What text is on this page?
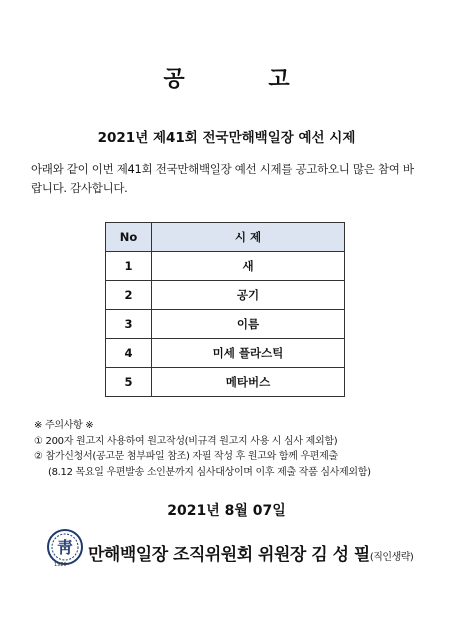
공 고
2021년 제41회 전국만해백일장 예선 시제
아래와 같이 이번 제41회 전국만해백일장 예선 시제를 공고하오니 많은 참여 바랍니다. 감사합니다.
No	시 제
1	새
2	공기
3	이름
4	미세 플라스틱
5	메타버스
※ 주의사항 ※
① 200자 원고지 사용하여 원고작성(비규격 원고지 사용 시 심사 제외함)
② 참가신청서(공고문 첨부파일 참조) 자필 작성 후 원고와 함께 우편제출
(8.12 목요일 우편발송 소인분까지 심사대상이며 이후 제출 작품 심사제외함)
2021년 8월 07일
靑
1920 만해백일장 조직위원회 위원장 김 성 필(직인생략)
